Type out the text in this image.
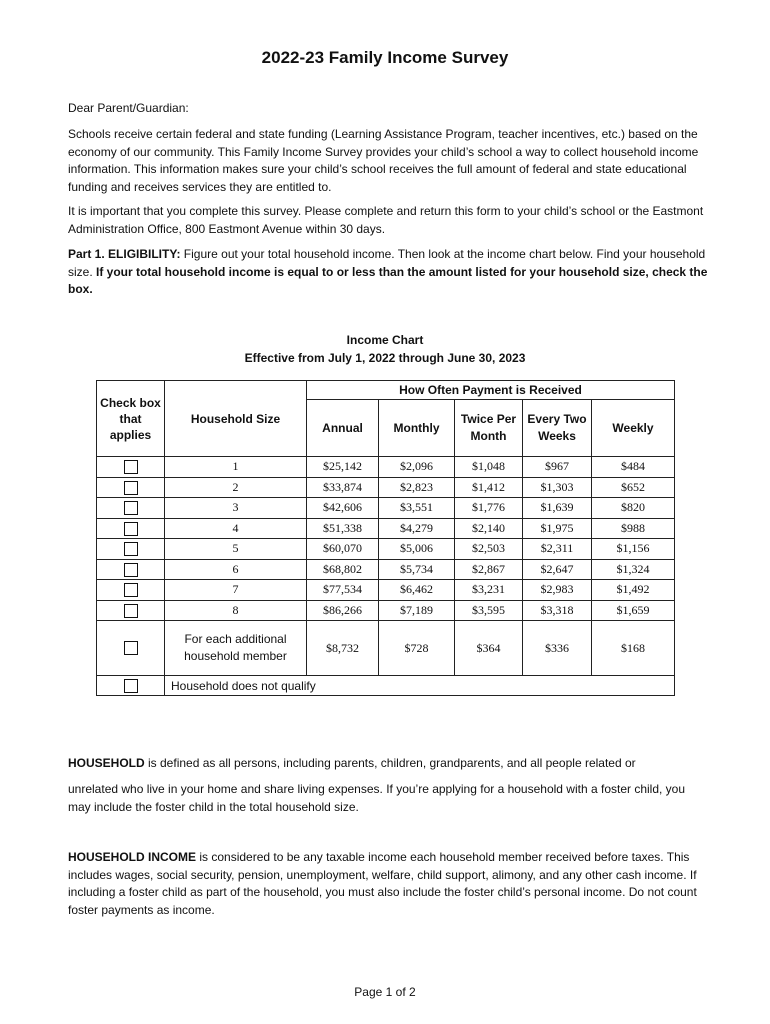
2022-23 Family Income Survey
Dear Parent/Guardian:
Schools receive certain federal and state funding (Learning Assistance Program, teacher incentives, etc.) based on the economy of our community. This Family Income Survey provides your child’s school a way to collect household income information. This information makes sure your child’s school receives the full amount of federal and state educational funding and receives services they are entitled to.
It is important that you complete this survey. Please complete and return this form to your child’s school or the Eastmont Administration Office, 800 Eastmont Avenue within 30 days.
Part 1. ELIGIBILITY: Figure out your total household income. Then look at the income chart below. Find your household size. If your total household income is equal to or less than the amount listed for your household size, check the box.
Income Chart
Effective from July 1, 2022 through June 30, 2023
Check box that applies	Household Size	How Often Payment is Received				
		Annual	Monthly	Twice Per Month	Every Two Weeks	Weekly
	1	$25,142	$2,096	$1,048	$967	$484
	2	$33,874	$2,823	$1,412	$1,303	$652
	3	$42,606	$3,551	$1,776	$1,639	$820
	4	$51,338	$4,279	$2,140	$1,975	$988
	5	$60,070	$5,006	$2,503	$2,311	$1,156
	6	$68,802	$5,734	$2,867	$2,647	$1,324
	7	$77,534	$6,462	$3,231	$2,983	$1,492
	8	$86,266	$7,189	$3,595	$3,318	$1,659
	For each additional household member	$8,732	$728	$364	$336	$168
	Household does not qualify					
HOUSEHOLD is defined as all persons, including parents, children, grandparents, and all people related or
unrelated who live in your home and share living expenses. If you’re applying for a household with a foster child, you may include the foster child in the total household size.
HOUSEHOLD INCOME is considered to be any taxable income each household member received before taxes. This includes wages, social security, pension, unemployment, welfare, child support, alimony, and any other cash income. If including a foster child as part of the household, you must also include the foster child’s personal income. Do not count foster payments as income.
Page 1 of 2
